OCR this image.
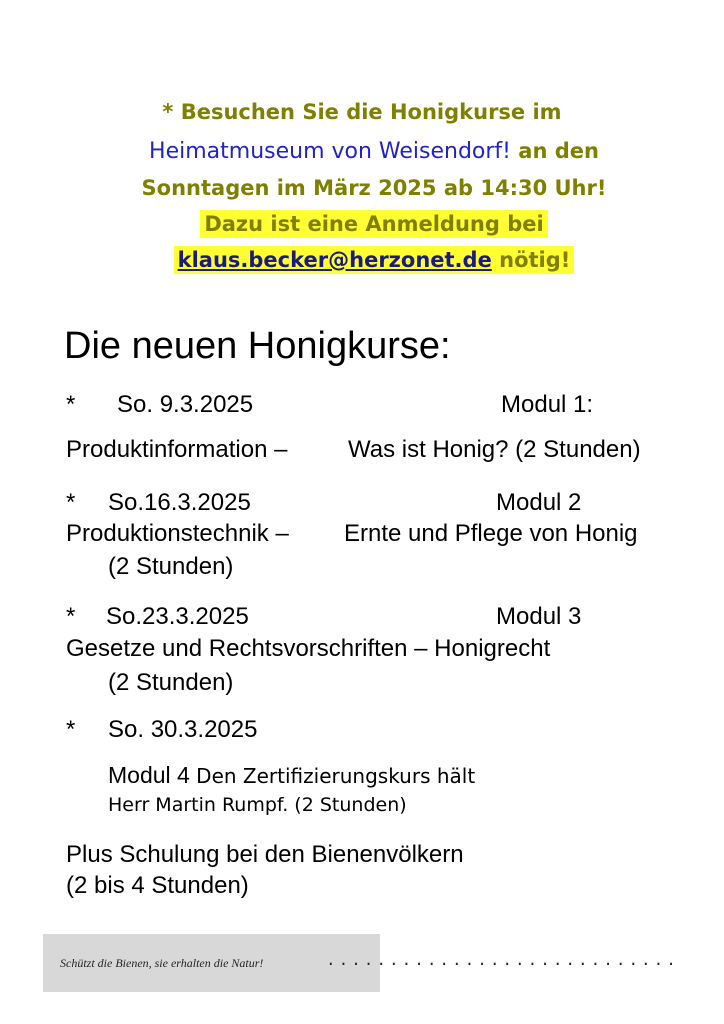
* Besuchen Sie die Honigkurse im
Heimatmuseum von Weisendorf! an den
Sonntagen im März 2025 ab 14:30 Uhr!
Dazu ist eine Anmeldung bei
klaus.becker@herzonet.de nötig!
Die neuen Honigkurse:
* So. 9.3.2025	Modul 1:
Produktinformation –	Was ist Honig? (2 Stunden)
* So.16.3.2025	Modul 2
Produktionstechnik – Ernte und Pflege von Honig
(2 Stunden)
* So.23.3.2025	Modul 3
Gesetze und Rechtsvorschriften – Honigrecht
(2 Stunden)
* So. 30.3.2025
Modul 4 Den Zertifizierungskurs hält
Herr Martin Rumpf. (2 Stunden)
Plus Schulung bei den Bienenvölkern
(2 bis 4 Stunden)
Schützt die Bienen, sie erhalten die Natur!	............................
